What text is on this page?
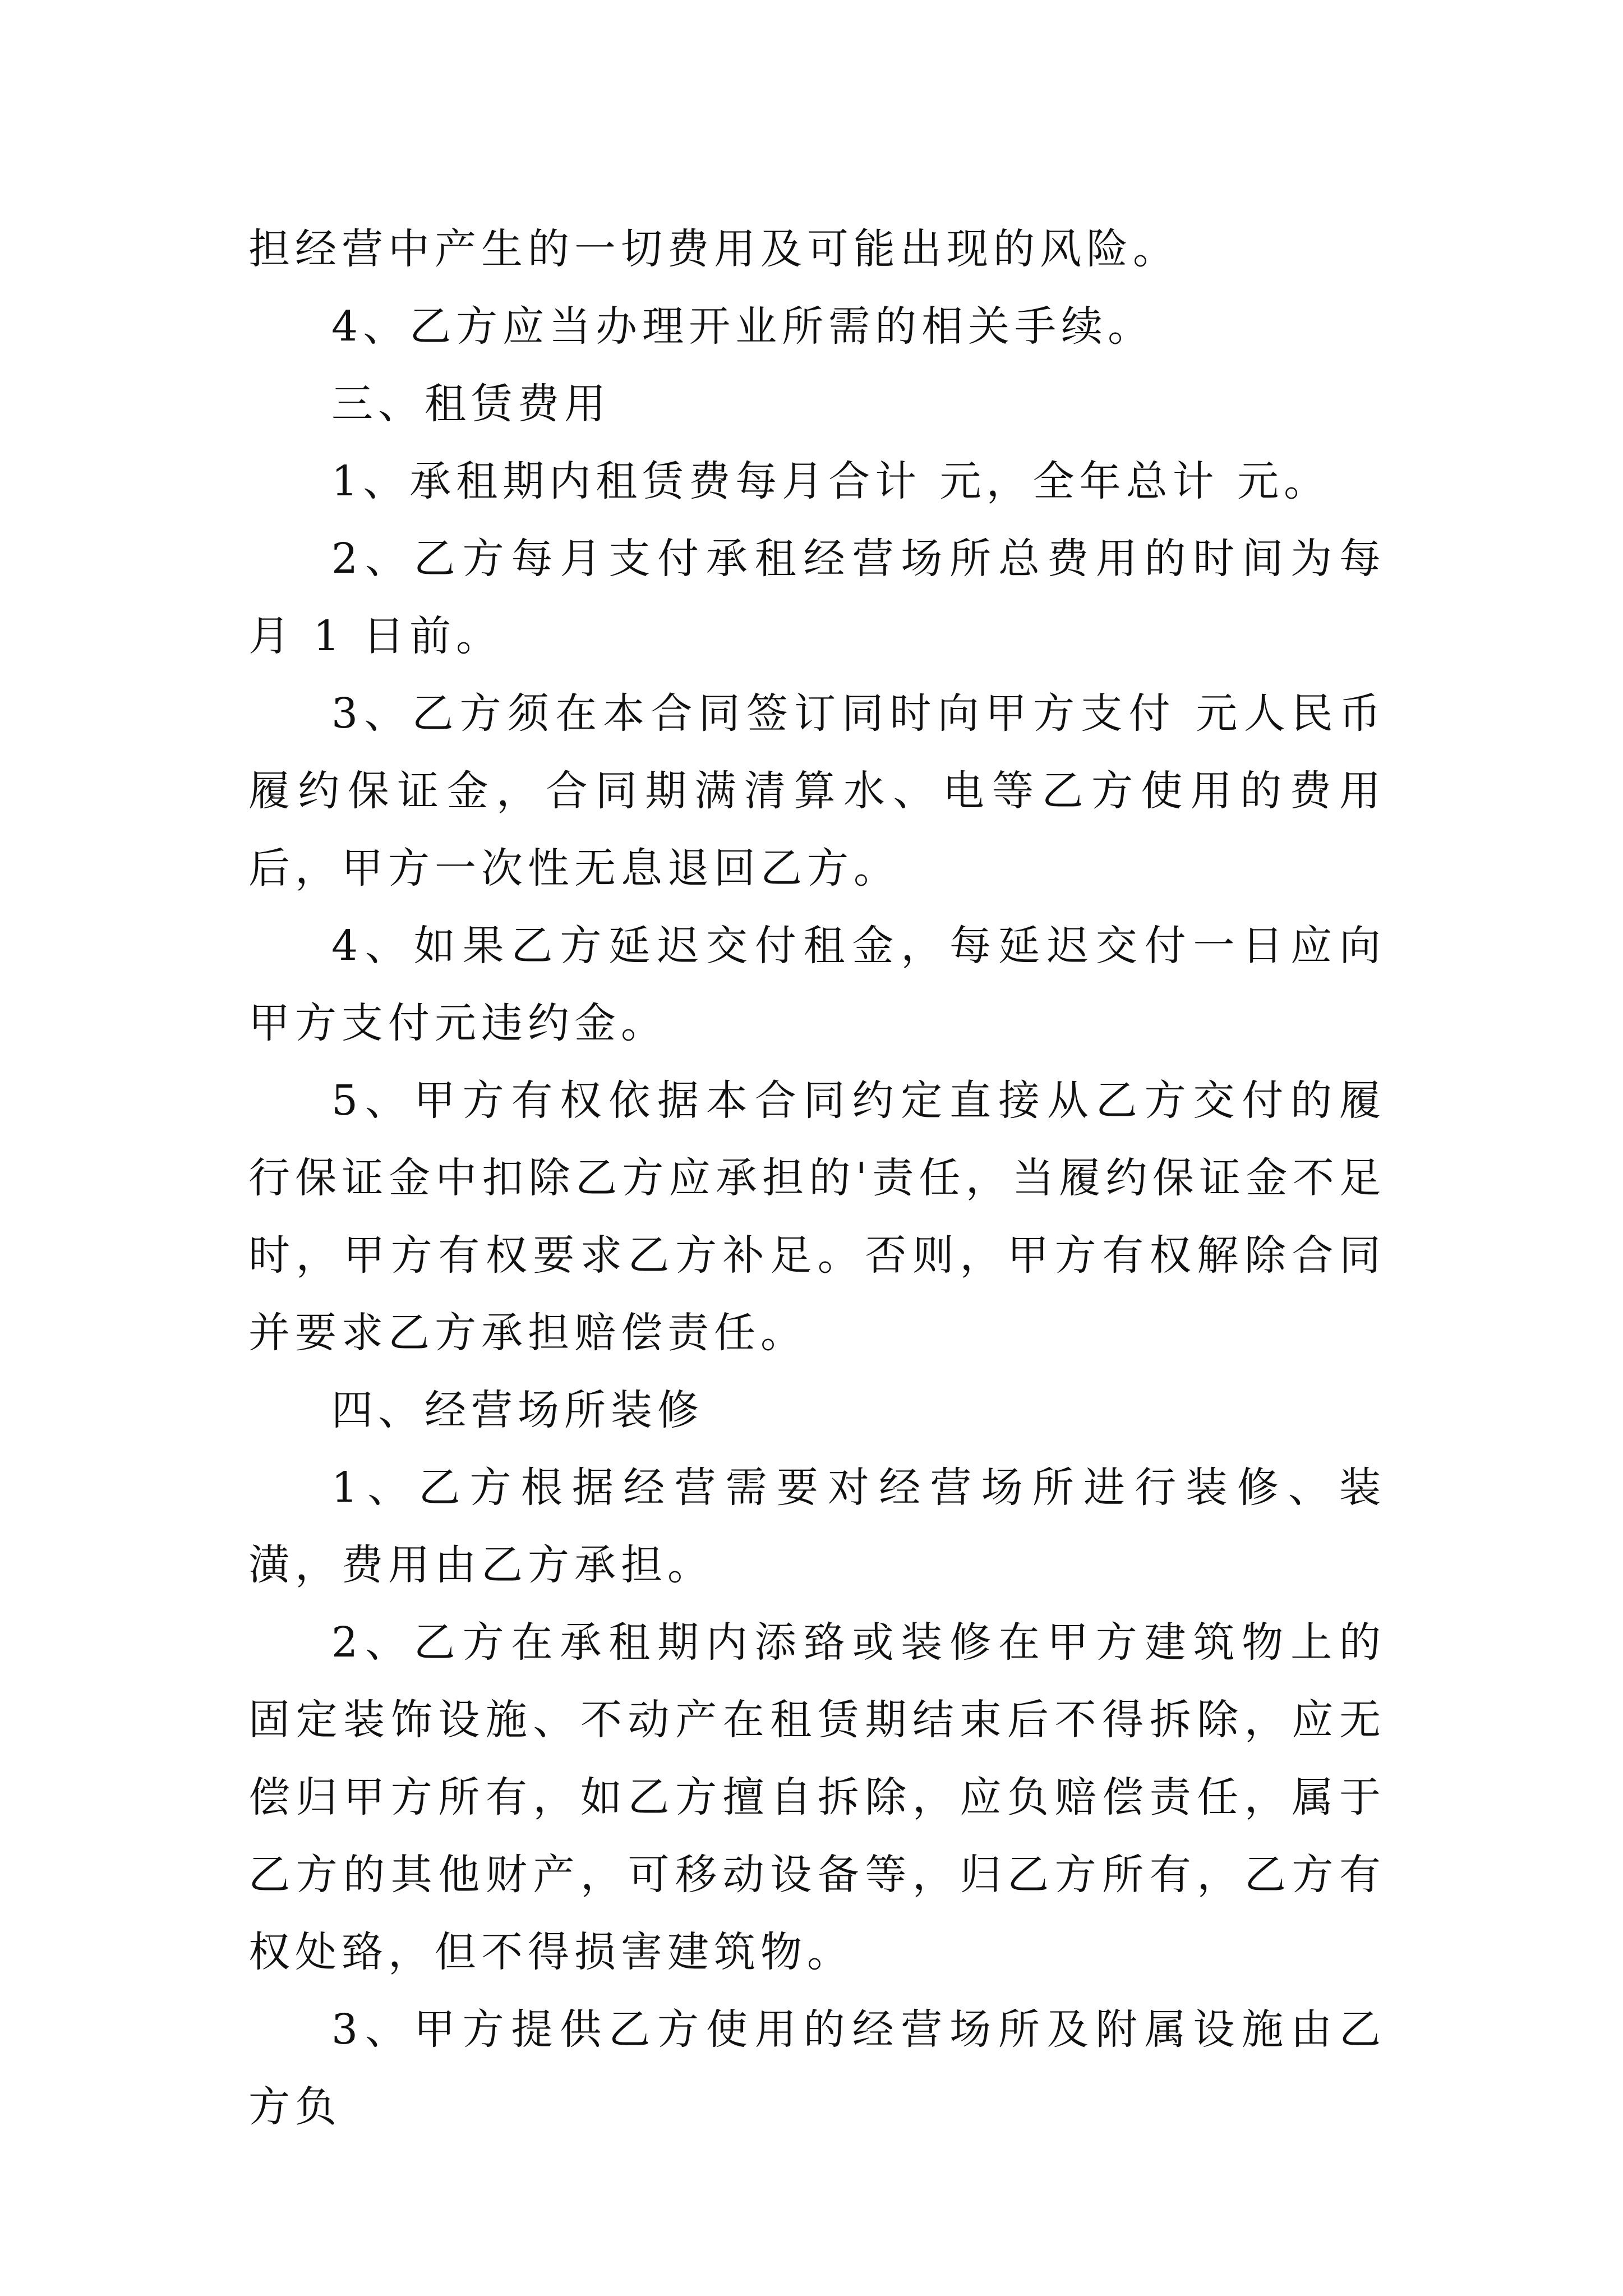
担经营中产生的一切费用及可能出现的风险。

4、乙方应当办理开业所需的相关手续。

三、租赁费用

1、承租期内租赁费每月合计 元，全年总计 元。

2、乙方每月支付承租经营场所总费用的时间为每月 1 日前。

3、乙方须在本合同签订同时向甲方支付 元人民币履约保证金，合同期满清算水、电等乙方使用的费用后，甲方一次性无息退回乙方。

4、如果乙方延迟交付租金，每延迟交付一日应向甲方支付元违约金。

5、甲方有权依据本合同约定直接从乙方交付的履行保证金中扣除乙方应承担的'责任，当履约保证金不足 时，甲方有权要求乙方补足。否则，甲方有权解除合同并要求乙方承担赔偿责任。

四、经营场所装修

1、乙方根据经营需要对经营场所进行装修、装潢，费用由乙方承担。

2、乙方在承租期内添臵或装修在甲方建筑物上的固定装饰设施、不动产在租赁期结束后不得拆除，应无偿归甲方所有，如乙方擅自拆除，应负赔偿责任，属于乙方的其他财产，可移动设备等，归乙方所有，乙方有权处臵，但不得损害建筑物。

3、甲方提供乙方使用的经营场所及附属设施由乙方负
